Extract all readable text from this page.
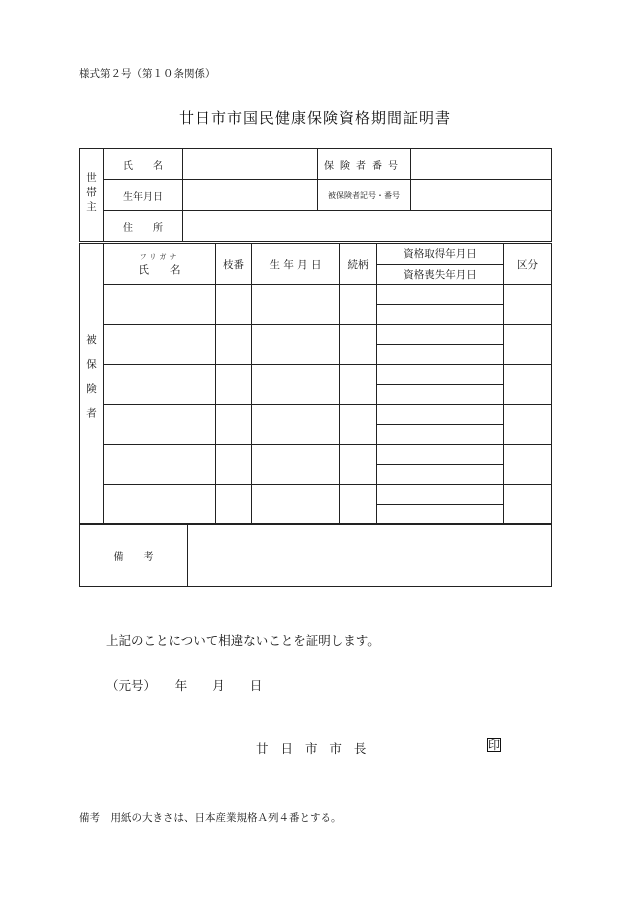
様式第２号（第１０条関係）
廿日市市国民健康保険資格期間証明書
世帯主	氏　　名		保険者番号	
	生年月日		被保険者記号・番号	
	住　　所			
被保険者	フリガナ
氏　　名	枝番	生 年 月 日	続柄	資格取得年月日	区分
					資格喪失年月日	

備　　考	
上記のことについて相違ないことを証明します。
（元号）　　年　　月　　日
廿 日 市 市 長	印
備考　用紙の大きさは、日本産業規格Ａ列４番とする。
